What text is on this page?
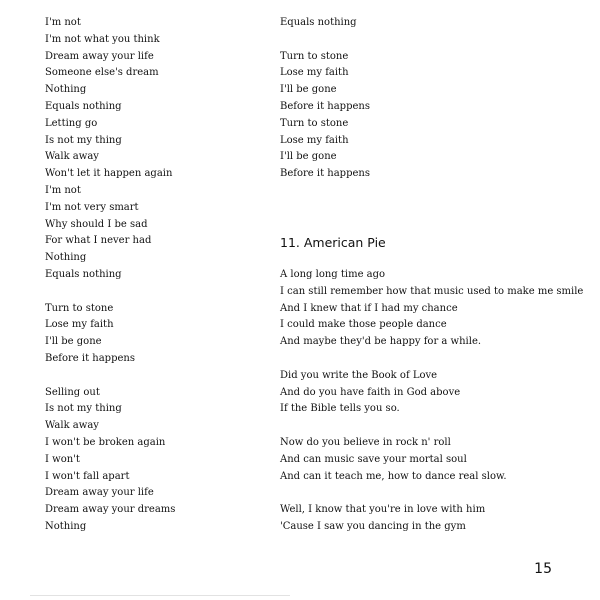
I'm not
I'm not what you think
Dream away your life
Someone else's dream
Nothing
Equals nothing
Letting go
Is not my thing
Walk away
Won't let it happen again
I'm not
I'm not very smart
Why should I be sad
For what I never had
Nothing
Equals nothing
Turn to stone
Lose my faith
I'll be gone
Before it happens
Selling out
Is not my thing
Walk away
I won't be broken again
I won't
I won't fall apart
Dream away your life
Dream away your dreams
Nothing
Equals nothing
Turn to stone
Lose my faith
I'll be gone
Before it happens
Turn to stone
Lose my faith
I'll be gone
Before it happens
11. American Pie
A long long time ago
I can still remember how that music used to make me smile
And I knew that if I had my chance
I could make those people dance
And maybe they'd be happy for a while.
Did you write the Book of Love
And do you have faith in God above
If the Bible tells you so.
Now do you believe in rock n' roll
And can music save your mortal soul
And can it teach me, how to dance real slow.
Well, I know that you're in love with him
'Cause I saw you dancing in the gym
15
